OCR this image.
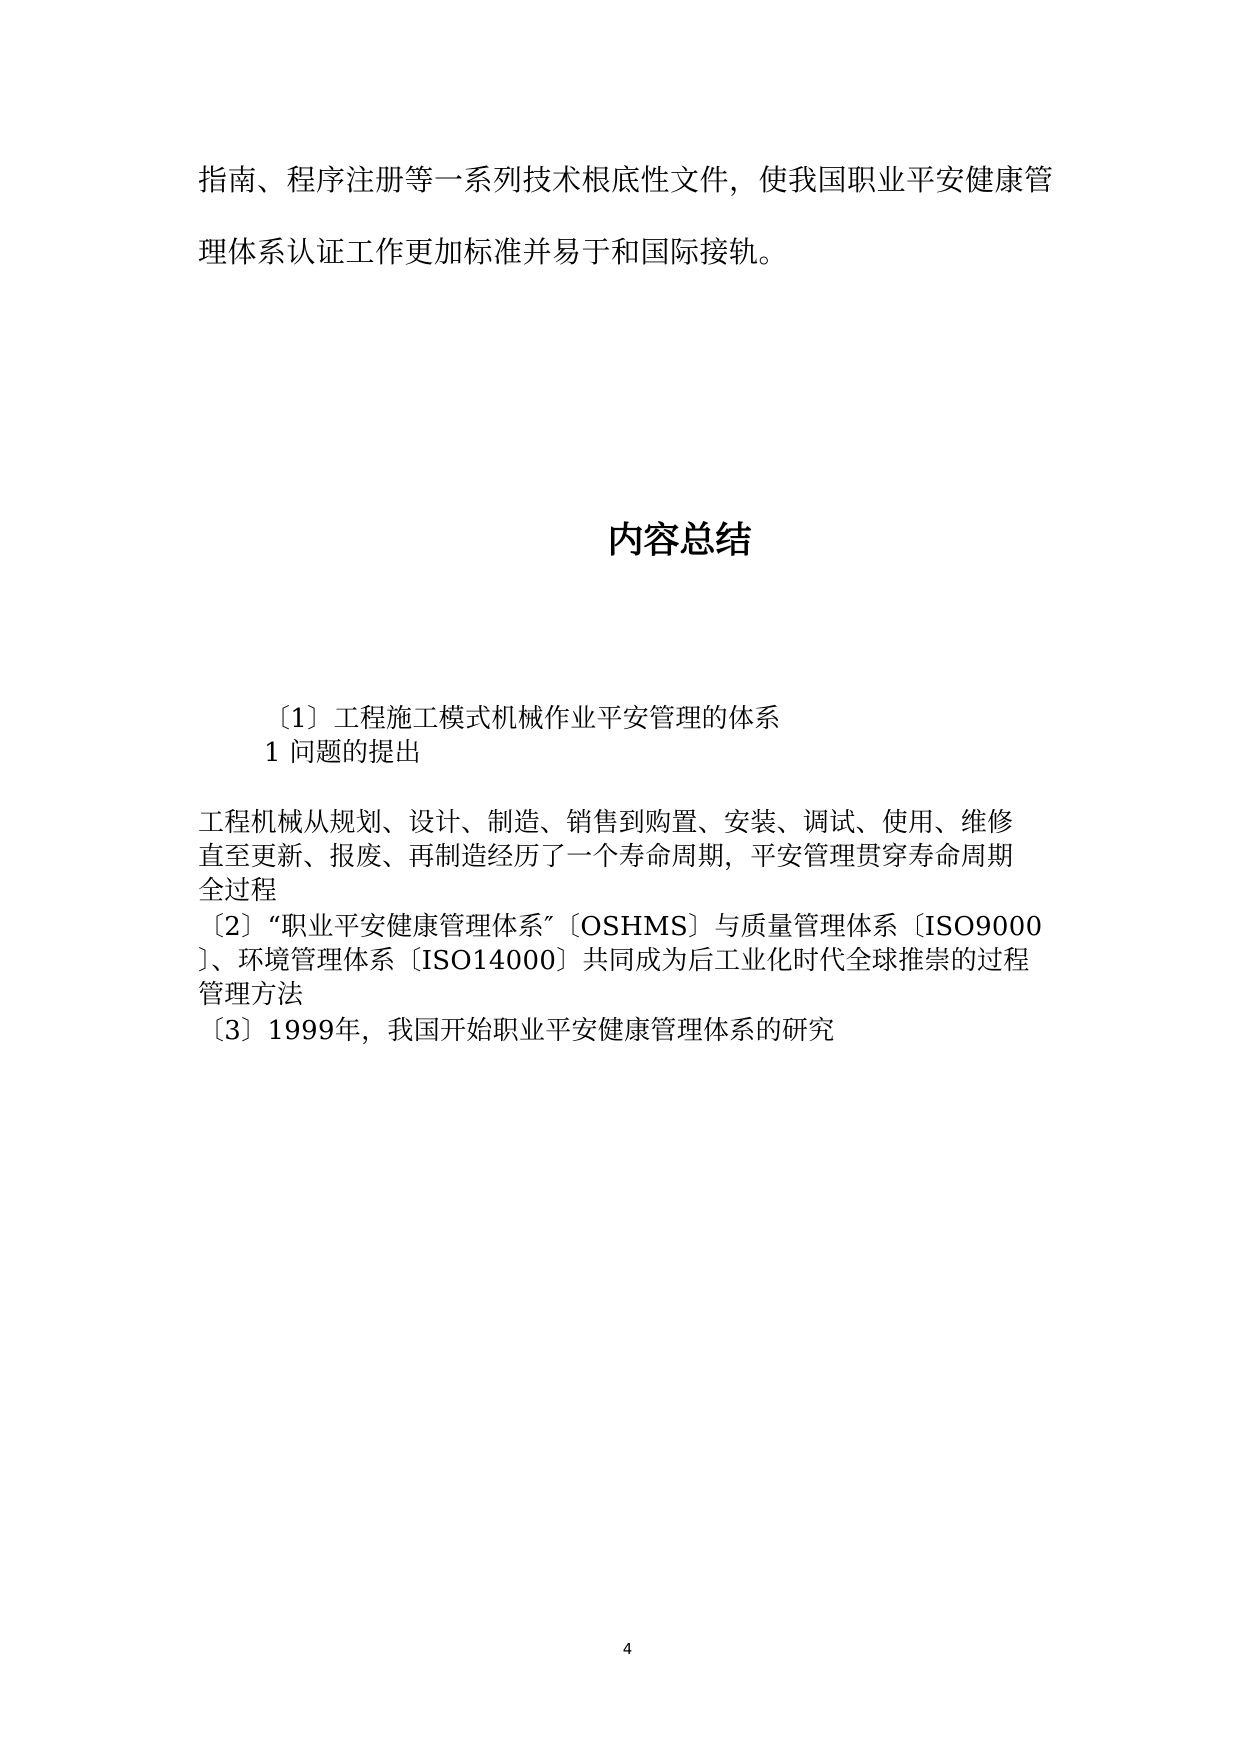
指南、程序注册等一系列技术根底性文件，使我国职业平安健康管

理体系认证工作更加标准并易于和国际接轨。

内容总结

〔1〕工程施工模式机械作业平安管理的体系

1 问题的提出

工程机械从规划、设计、制造、销售到购置、安装、调试、使用、维修

直至更新、报废、再制造经历了一个寿命周期，平安管理贯穿寿命周期

全过程

〔2〕“职业平安健康管理体系″〔OSHMS〕与质量管理体系〔ISO9000

〕、环境管理体系〔ISO14000〕共同成为后工业化时代全球推崇的过程

管理方法

〔3〕1999年，我国开始职业平安健康管理体系的研究

4
